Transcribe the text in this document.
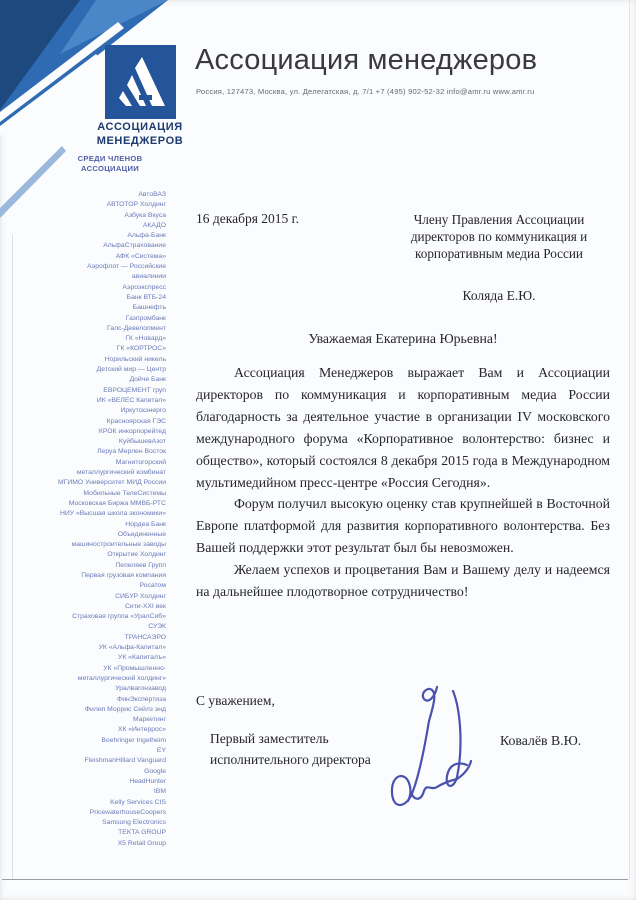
АССОЦИАЦИЯ
МЕНЕДЖЕРОВ
Ассоциация менеджеров
Россия, 127473, Москва, ул. Делегатская, д. 7/1 +7 (495) 902-52-32 info@amr.ru www.amr.ru
СРЕДИ ЧЛЕНОВ
АССОЦИАЦИИ
АвтоВАЗ
АВТОТОР Холдинг
Азбука Вкуса
АКАДО
Альфа-Банк
АльфаСтрахование
АФК «Система»
Аэрофлот — Российские авиалинии
Аэроэкспресс
Банк ВТБ-24
Башнефть
Газпромбанк
Галс-Девелопмент
ГК «Новард»
ГК «КОРТРОС»
Норильский никель
Детский мир — Центр
Дойче Банк
ЕВРОЦЕМЕНТ груп
ИК «ВЕЛЕС Капитал»
Иркутскэнерго
Красноярская ГЭС
КРОК инкорпорейтед
КуйбышевАзот
Леруа Мерлен Восток
Магнитогорский металлургический комбинат
МГИМО Университет МИД России
Мобильные ТелеСистемы
Московская Биржа ММВБ-РТС
НИУ «Высшая школа экономики»
Нордеа Банк
Объединенные машиностроительные заводы
Открытие Холдинг
Пепеляев Групп
Первая грузовая компания
Росатом
СИБУР Холдинг
Сити-XXI век
Страховая группа «УралСиб»
СУЭК
ТРАНСАЭРО
УК «Альфа-Капитал»
УК «Капиталъ»
УК «Промышленно-металлургический холдинг»
Уралвагонзавод
ФинЭкспертиза
Филип Моррис Сейлз энд Маркетинг
ХК «Интеррос»
Boehringer Ingelheim
EY
FleishmanHillard Vanguard
Google
HeadHunter
IBM
Kelly Services CIS
PricewaterhouseCoopers
Samsung Electronics
TEKTA GROUP
X5 Retail Group
16 декабря 2015 г.	Члену Правления Ассоциации
директоров по коммуникация и
корпоративным медиа России
Коляда Е.Ю.
Уважаемая Екатерина Юрьевна!

Ассоциация Менеджеров выражает Вам и Ассоциации директоров по коммуникация и корпоративным медиа России благодарность за деятельное участие в организации IV московского международного форума «Корпоративное волонтерство: бизнес и общество», который состоялся 8 декабря 2015 года в Международном мультимедийном пресс-центре «Россия Сегодня».

Форум получил высокую оценку став крупнейшей в Восточной Европе платформой для развития корпоративного волонтерства. Без Вашей поддержки этот результат был бы невозможен.

Желаем успехов и процветания Вам и Вашему делу и надеемся на дальнейшее плодотворное сотрудничество!

С уважением,
Первый заместитель
исполнительного директора
Ковалёв В.Ю.
